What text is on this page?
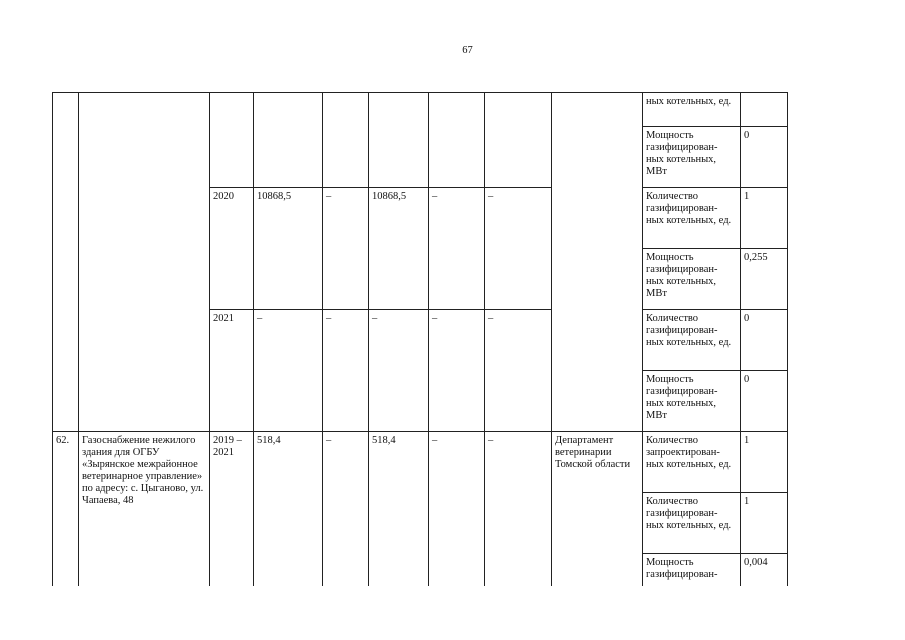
67
									ных котельных, ед.	
									Мощность газифицирован- ных котельных, МВт	0
		2020	10868,5	–	10868,5	–	–		Количество газифицирован- ных котельных, ед.	1
									Мощность газифицирован- ных котельных, МВт	0,255
		2021	–	–	–	–	–		Количество газифицирован- ных котельных, ед.	0
									Мощность газифицирован- ных котельных, МВт	0
62.	Газоснабжение нежилого здания для ОГБУ «Зырянское межрайонное ветеринарное управление» по адресу: с. Цыганово, ул. Чапаева, 48	2019 – 2021	518,4	–	518,4	–	–	Департамент ветеринарии Томской области	Количество запроектирован- ных котельных, ед.	1
									Количество газифицирован- ных котельных, ед.	1
									Мощность газифицирован-	0,004
